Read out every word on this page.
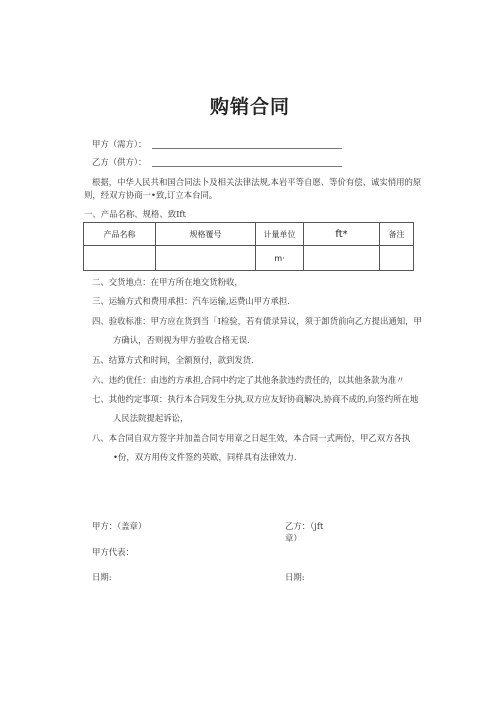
购销合同
甲方（需方）：
乙方（供方）：
根据，中华人民共和国合同法卜及相关法律法规,本岩平等自愿、等价有偿、诚实悄用的原
则，经双方协商一•致,订立本台同。
一、产品名称、规格、致Ift
产品名称	规格覆号	计量单位	ft*	备注
		m·		
二、交货地点：在甲方所在地交货粉收，
三、运输方式和费用承担：汽车运输,运费山甲方承担.
四、验收标准：甲方应在货到当「I检验，若有债录异议，须于卸货前向乙方提出通知，甲
方确认，否则视为甲方验收合格无误.
五、结算方式和时间，全额预付，款到发货.
六、违约优任：由违约方承担,合同中约定了其他条款违约责任的，以其他条款为准〃
七、其他约定事项：执行本合同发生分执,双方应友好协商解决,协商不成的,向签约所在地
人民法院提起诉讼，
八、本合同自双方签字并加盖合同专用章之日起生效，本合同一式两份，甲乙双方各执
•份，双方用传文件签约英欧，同样具有法律效力.
甲方：（盖章）	乙方：（jft
章）
甲方代表：
日期:	日期:
